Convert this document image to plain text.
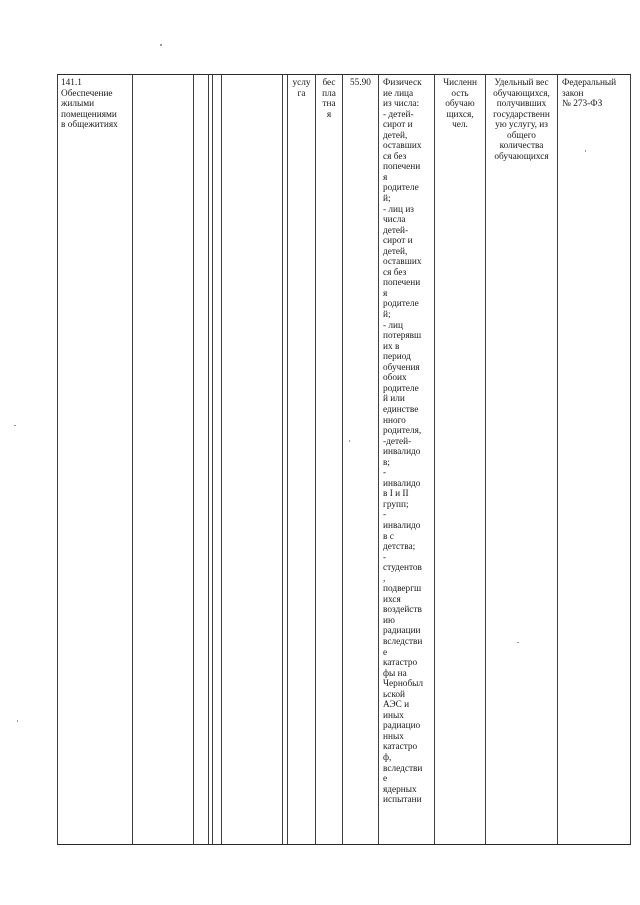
141.1
Обеспечение
жилыми
помещениями
в общежитиях
услу
га
бес
пла
тна
я
55.90	Физическ
ие лица
из числа:
- детей-
сирот и
детей,
оставших
ся без
попечени
я
родителе
й;
- лиц из
числа
детей-
сирот и
детей,
оставших
ся без
попечени
я
родителе
й;
- лиц
потерявш
их в
период
обучения
обоих
родителе
й или
единстве
нного
родителя,
-детей-
инвалидо
в;
-
инвалидо
в I и II
групп;
-
инвалидо
в с
детства;
-
студентов
,
подвергш
ихся
воздейств
ию
радиации
вследстви
е
катастро
фы на
Чернобыл
ьской
АЭС и
иных
радиацио
нных
катастро
ф,
вследстви
е
ядерных
испытани
Численн
ость
обучаю
щихся,
чел.
Удельный вес
обучающихся,
получивших
государственн
ую услугу, из
общего
количества
обучающихся
Федеральный
закон
№ 273-ФЗ
